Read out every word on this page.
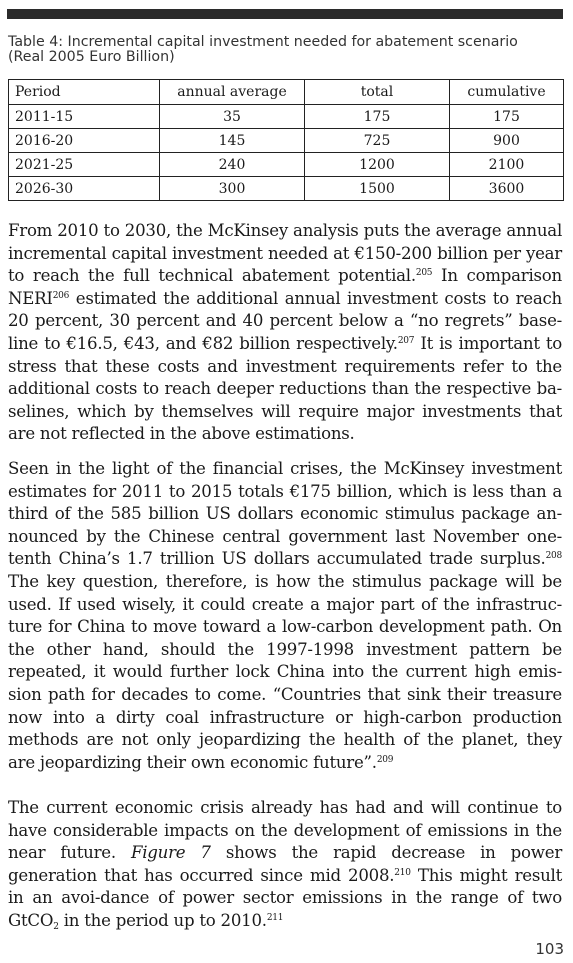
Table 4: Incremental capital investment needed for abatement scenario
(Real 2005 Euro Billion)
Period	annual average	total	cumulative
2011-15	35	175	175
2016-20	145	725	900
2021-25	240	1200	2100
2026-30	300	1500	3600

From 2010 to 2030, the McKinsey analysis puts the average annual incremental capital investment needed at €150-200 billion per year to reach the full technical abatement potential.$^{205}$ In comparison NERI$^{206}$ estimated the additional annual investment costs to reach 20 percent, 30 percent and 40 percent below a “no regrets” base-line to €16.5, €43, and €82 billion respectively.$^{207}$ It is important to stress that these costs and investment requirements refer to the additional costs to reach deeper reductions than the respective ba-selines, which by themselves will require major investments that are not reflected in the above estimations.

Seen in the light of the financial crises, the McKinsey investment estimates for 2011 to 2015 totals €175 billion, which is less than a third of the 585 billion US dollars economic stimulus package an-nounced by the Chinese central government last November one-tenth China’s 1.7 trillion US dollars accumulated trade surplus.$^{208}$ The key question, therefore, is how the stimulus package will be used. If used wisely, it could create a major part of the infrastruc-ture for China to move toward a low-carbon development path. On the other hand, should the 1997-1998 investment pattern be repeated, it would further lock China into the current high emis-sion path for decades to come. “Countries that sink their treasure now into a dirty coal infrastructure or high-carbon production methods are not only jeopardizing the health of the planet, they are jeopardizing their own economic future”.$^{209}$

The current economic crisis already has had and will continue to have considerable impacts on the development of emissions in the near future. Figure 7 shows the rapid decrease in power generation that has occurred since mid 2008.$^{210}$ This might result in an avoi-dance of power sector emissions in the range of two GtCO$_2$ in the period up to 2010.$^{211}$

103
